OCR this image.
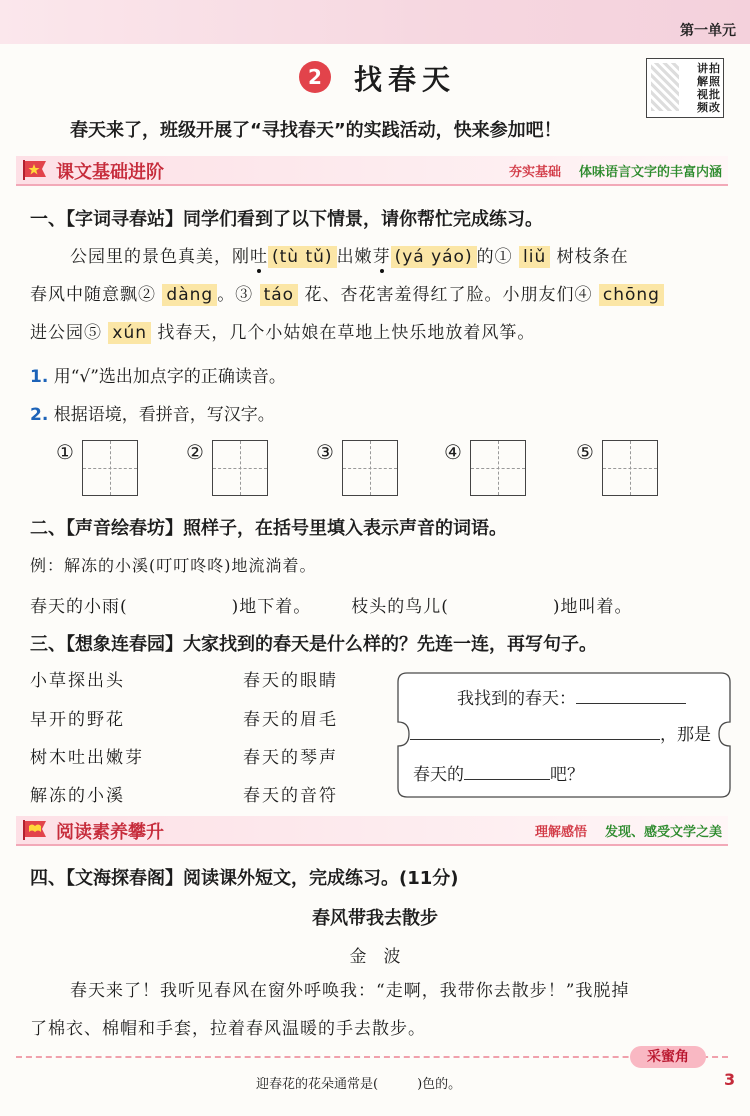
第一单元
2	找春天	讲解视频
拍照批改
春天来了，班级开展了“寻找春天”的实践活动，快来参加吧！
课文基础进阶	夯实基础 体味语言文字的丰富内涵
一、【字词寻春站】同学们看到了以下情景，请你帮忙完成练习。
公园里的景色真美，刚吐 (tù tǔ) 出嫩芽 (yá yáo) 的① liǔ 树枝条在
春风中随意飘② dàng 。③ táo 花、杏花害羞得红了脸。小朋友们④ chōng
进公园⑤ xún 找春天，几个小姑娘在草地上快乐地放着风筝。
1. 用“√”选出加点字的正确读音。
2. 根据语境，看拼音，写汉字。
①	②	③	④	⑤
二、【声音绘春坊】照样子，在括号里填入表示声音的词语。
例：解冻的小溪(叮叮咚咚)地流淌着。
春天的小雨(	)地下着。 枝头的鸟儿(	)地叫着。
三、【想象连春园】大家找到的春天是什么样的？先连一连，再写句子。
小草探出头
早开的野花
树木吐出嫩芽
解冻的小溪
春天的眼睛
春天的眉毛
春天的琴声
春天的音符
我找到的春天：
，那是
春天的	吧？
阅读素养攀升	理解感悟 发现、感受文学之美
四、【文海探春阁】阅读课外短文，完成练习。(11分)
春风带我去散步
金　波
春天来了！我听见春风在窗外呼唤我：“走啊，我带你去散步！”我脱掉
了棉衣、棉帽和手套，拉着春风温暖的手去散步。
采蜜角
迎春花的花朵通常是(　　　)色的。	3
